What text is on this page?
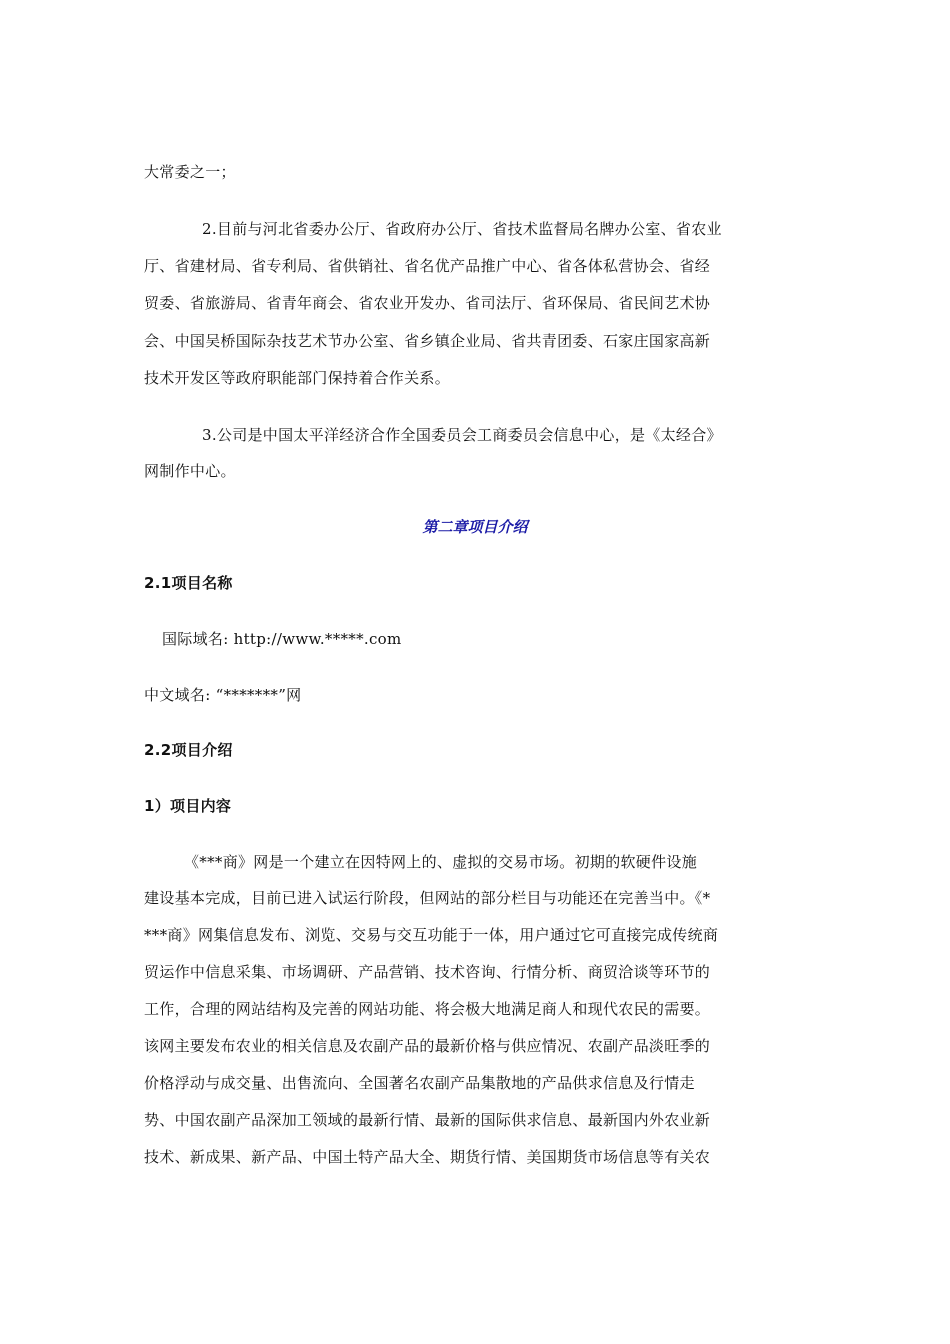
大常委之一；
2.目前与河北省委办公厅、省政府办公厅、省技术监督局名牌办公室、省农业
厅、省建材局、省专利局、省供销社、省名优产品推广中心、省各体私营协会、省经
贸委、省旅游局、省青年商会、省农业开发办、省司法厅、省环保局、省民间艺术协
会、中国吴桥国际杂技艺术节办公室、省乡镇企业局、省共青团委、石家庄国家高新
技术开发区等政府职能部门保持着合作关系。
3.公司是中国太平洋经济合作全国委员会工商委员会信息中心，是《太经合》
网制作中心。
第二章项目介绍
2.1项目名称
国际域名: http://www.*****.com
中文域名: “*******”网
2.2项目介绍
1）项目内容
《***商》网是一个建立在因特网上的、虚拟的交易市场。初期的软硬件设施
建设基本完成，目前已进入试运行阶段，但网站的部分栏目与功能还在完善当中。《*
***商》网集信息发布、浏览、交易与交互功能于一体，用户通过它可直接完成传统商
贸运作中信息采集、市场调研、产品营销、技术咨询、行情分析、商贸洽谈等环节的
工作，合理的网站结构及完善的网站功能、将会极大地满足商人和现代农民的需要。
该网主要发布农业的相关信息及农副产品的最新价格与供应情况、农副产品淡旺季的
价格浮动与成交量、出售流向、全国著名农副产品集散地的产品供求信息及行情走
势、中国农副产品深加工领域的最新行情、最新的国际供求信息、最新国内外农业新
技术、新成果、新产品、中国土特产品大全、期货行情、美国期货市场信息等有关农
